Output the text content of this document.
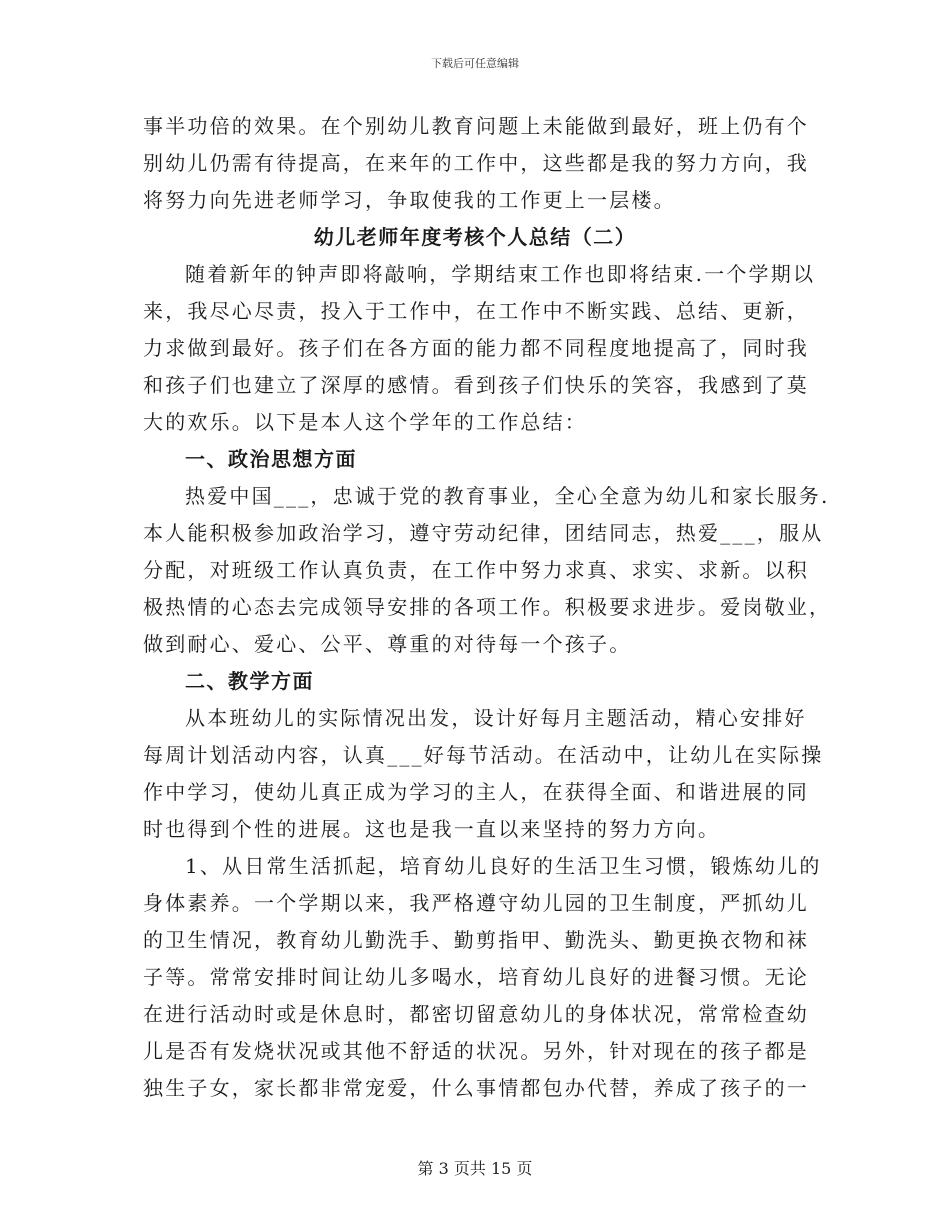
下载后可任意编辑
事半功倍的效果。在个别幼儿教育问题上未能做到最好，班上仍有个
别幼儿仍需有待提高，在来年的工作中，这些都是我的努力方向，我
将努力向先进老师学习，争取使我的工作更上一层楼。
幼儿老师年度考核个人总结（二）
随着新年的钟声即将敲响，学期结束工作也即将结束.一个学期以
来，我尽心尽责，投入于工作中，在工作中不断实践、总结、更新，
力求做到最好。孩子们在各方面的能力都不同程度地提高了，同时我
和孩子们也建立了深厚的感情。看到孩子们快乐的笑容，我感到了莫
大的欢乐。以下是本人这个学年的工作总结：
一、政治思想方面
热爱中国___，忠诚于党的教育事业，全心全意为幼儿和家长服务.
本人能积极参加政治学习，遵守劳动纪律，团结同志，热爱___，服从
分配，对班级工作认真负责，在工作中努力求真、求实、求新。以积
极热情的心态去完成领导安排的各项工作。积极要求进步。爱岗敬业，
做到耐心、爱心、公平、尊重的对待每一个孩子。
二、教学方面
从本班幼儿的实际情况出发，设计好每月主题活动，精心安排好
每周计划活动内容，认真___好每节活动。在活动中，让幼儿在实际操
作中学习，使幼儿真正成为学习的主人，在获得全面、和谐进展的同
时也得到个性的进展。这也是我一直以来坚持的努力方向。
1、从日常生活抓起，培育幼儿良好的生活卫生习惯，锻炼幼儿的
身体素养。一个学期以来，我严格遵守幼儿园的卫生制度，严抓幼儿
的卫生情况，教育幼儿勤洗手、勤剪指甲、勤洗头、勤更换衣物和袜
子等。常常安排时间让幼儿多喝水，培育幼儿良好的进餐习惯。无论
在进行活动时或是休息时，都密切留意幼儿的身体状况，常常检查幼
儿是否有发烧状况或其他不舒适的状况。另外，针对现在的孩子都是
独生子女，家长都非常宠爱，什么事情都包办代替，养成了孩子的一
第 3 页共 15 页
